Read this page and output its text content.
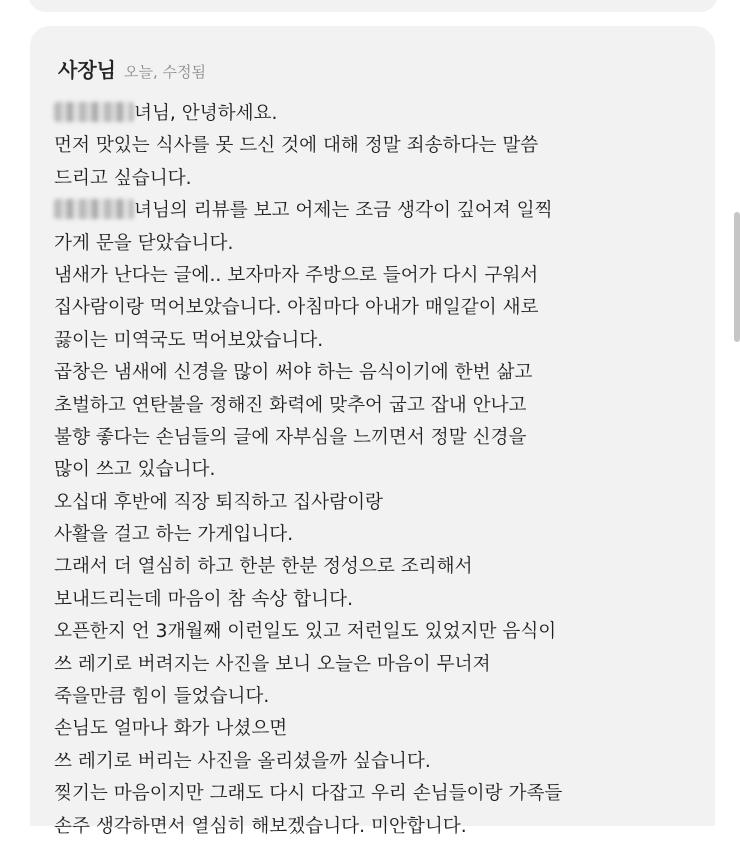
사장님 오늘, 수정됨
녀님, 안녕하세요.
먼저 맛있는 식사를 못 드신 것에 대해 정말 죄송하다는 말씀
드리고 싶습니다.
녀님의 리뷰를 보고 어제는 조금 생각이 깊어져 일찍
가게 문을 닫았습니다.
냄새가 난다는 글에.. 보자마자 주방으로 들어가 다시 구워서
집사람이랑 먹어보았습니다. 아침마다 아내가 매일같이 새로
끓이는 미역국도 먹어보았습니다.
곱창은 냄새에 신경을 많이 써야 하는 음식이기에 한번 삶고
초벌하고 연탄불을 정해진 화력에 맞추어 굽고 잡내 안나고
불향 좋다는 손님들의 글에 자부심을 느끼면서 정말 신경을
많이 쓰고 있습니다.
오십대 후반에 직장 퇴직하고 집사람이랑
사활을 걸고 하는 가게입니다.
그래서 더 열심히 하고 한분 한분 정성으로 조리해서
보내드리는데 마음이 참 속상 합니다.
오픈한지 언 3개월째 이런일도 있고 저런일도 있었지만 음식이
쓰 레기로 버려지는 사진을 보니 오늘은 마음이 무너져
죽을만큼 힘이 들었습니다.
손님도 얼마나 화가 나셨으면
쓰 레기로 버리는 사진을 올리셨을까 싶습니다.
찢기는 마음이지만 그래도 다시 다잡고 우리 손님들이랑 가족들
손주 생각하면서 열심히 해보겠습니다. 미안합니다.
